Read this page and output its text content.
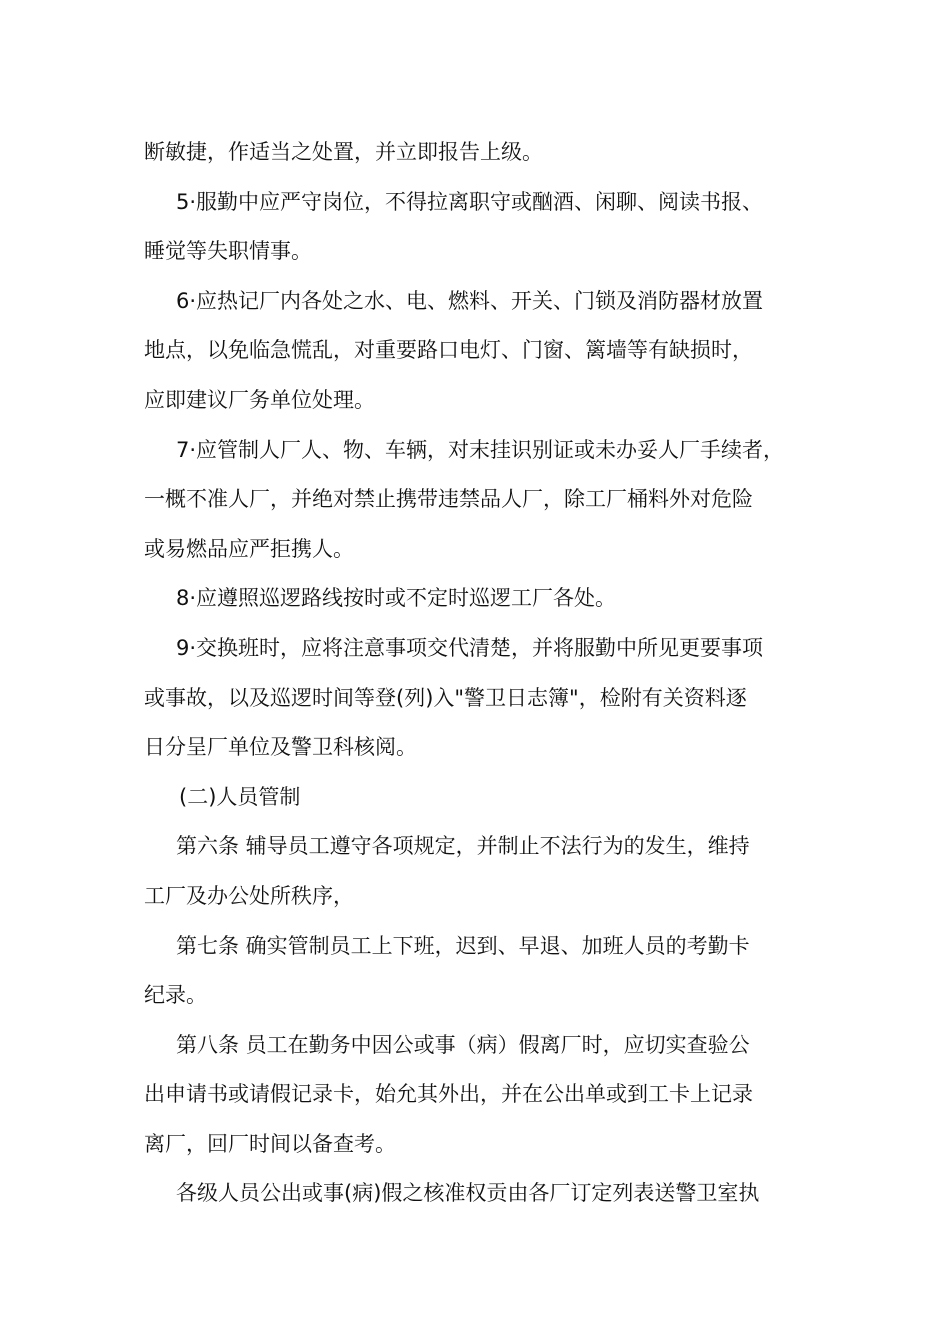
断敏捷，作适当之处置，并立即报告上级。
5·服勤中应严守岗位，不得拉离职守或酗酒、闲聊、阅读书报、
睡觉等失职情事。
6·应热记厂内各处之水、电、燃料、开关、门锁及消防器材放置
地点，以免临急慌乱，对重要路口电灯、门窗、篱墙等有缺损时，
应即建议厂务单位处理。
7·应管制人厂人、物、车辆，对末挂识别证或未办妥人厂手续者，
一概不准人厂，并绝对禁止携带违禁品人厂，除工厂桶料外对危险
或易燃品应严拒携人。
8·应遵照巡逻路线按时或不定时巡逻工厂各处。
9·交换班时，应将注意事项交代清楚，并将服勤中所见更要事项
或事故，以及巡逻时间等登(列)入"警卫日志簿"，检附有关资料逐
日分呈厂单位及警卫科核阅。
(二)人员管制
第六条 辅导员工遵守各项规定，并制止不法行为的发生，维持
工厂及办公处所秩序，
第七条 确实管制员工上下班，迟到、早退、加班人员的考勤卡
纪录。
第八条 员工在勤务中因公或事（病）假离厂时，应切实查验公
出申请书或请假记录卡，始允其外出，并在公出单或到工卡上记录
离厂，回厂时间以备查考。
各级人员公出或事(病)假之核准权贡由各厂订定列表送警卫室执
